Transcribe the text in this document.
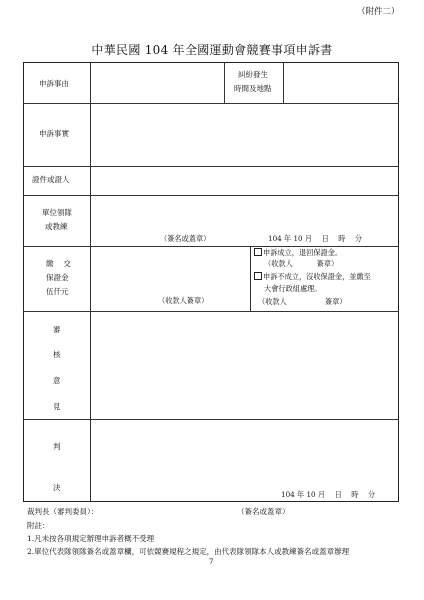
（附件二）
中華民國 104 年全國運動會競賽事項申訴書
申訴事由
糾紛發生
時間及地點
申訴事實
證件或證人
單位領隊
或教練
（簽名或蓋章）	104 年 10 月　 日　 時　 分
繳　 交
保證金
伍仟元
（收款人簽章）
申訴成立，退回保證金。
（收款人　　　 簽章）
申訴不成立，沒收保證金，並繳至
大會行政組處理。
（收款人　　　　　 簽章）
審
核
意
見
判
決
104 年 10 月　 日　 時　 分
裁判長（審判委員）：	（簽名或蓋章）
附註：
1.凡未按各項規定辦理申訴者概不受理
2.單位代表隊領隊簽名或蓋章欄，可依競賽規程之規定，由代表隊領隊本人或教練簽名或蓋章辦理
7
